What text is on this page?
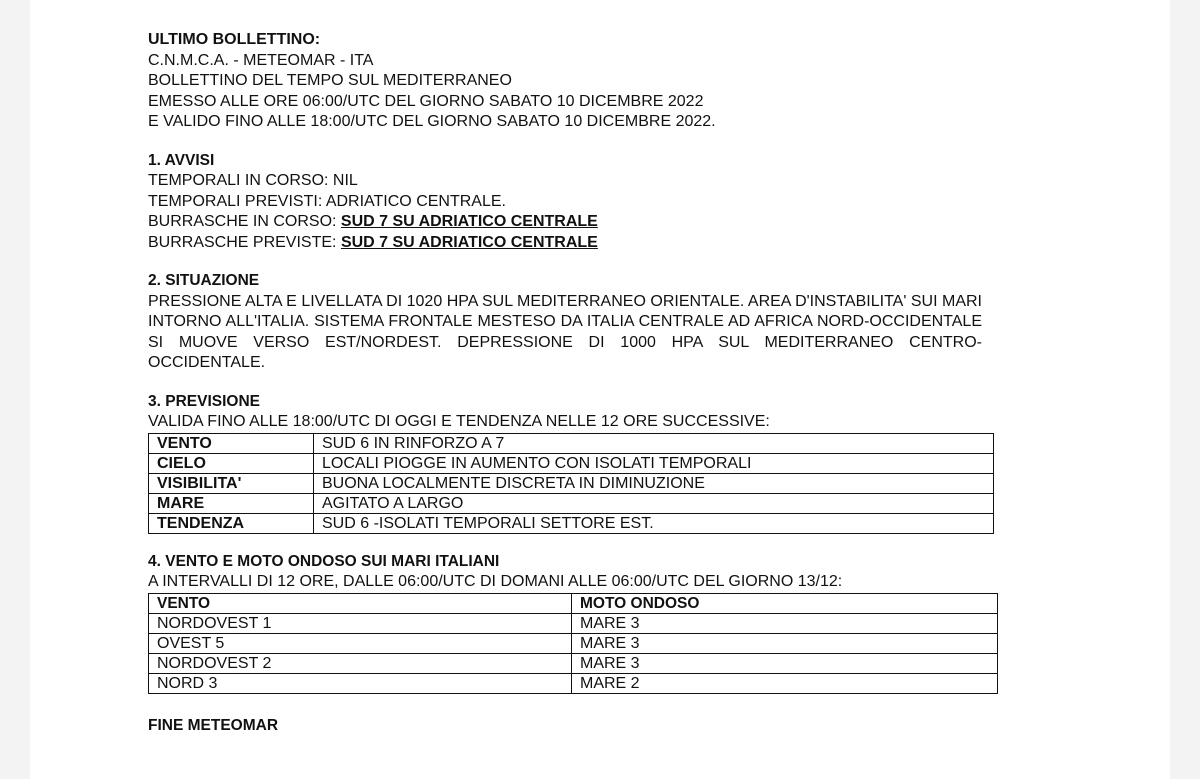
ULTIMO BOLLETTINO:
C.N.M.C.A. - METEOMAR - ITA
BOLLETTINO DEL TEMPO SUL MEDITERRANEO
EMESSO ALLE ORE 06:00/UTC DEL GIORNO SABATO 10 DICEMBRE 2022
E VALIDO FINO ALLE 18:00/UTC DEL GIORNO SABATO 10 DICEMBRE 2022.
1. AVVISI
TEMPORALI IN CORSO: NIL
TEMPORALI PREVISTI: ADRIATICO CENTRALE.
BURRASCHE IN CORSO: SUD 7 SU ADRIATICO CENTRALE
BURRASCHE PREVISTE: SUD 7 SU ADRIATICO CENTRALE
2. SITUAZIONE
PRESSIONE ALTA E LIVELLATA DI 1020 HPA SUL MEDITERRANEO ORIENTALE. AREA D'INSTABILITA' SUI MARI INTORNO ALL'ITALIA. SISTEMA FRONTALE MESTESO DA ITALIA CENTRALE AD AFRICA NORD-OCCIDENTALE SI MUOVE VERSO EST/NORDEST. DEPRESSIONE DI 1000 HPA SUL MEDITERRANEO CENTRO-OCCIDENTALE.
3. PREVISIONE
VALIDA FINO ALLE 18:00/UTC DI OGGI E TENDENZA NELLE 12 ORE SUCCESSIVE:
VENTO	SUD 6 IN RINFORZO A 7
CIELO	LOCALI PIOGGE IN AUMENTO CON ISOLATI TEMPORALI
VISIBILITA'	BUONA LOCALMENTE DISCRETA IN DIMINUZIONE
MARE	AGITATO A LARGO
TENDENZA	SUD 6 -ISOLATI TEMPORALI SETTORE EST.
4. VENTO E MOTO ONDOSO SUI MARI ITALIANI
A INTERVALLI DI 12 ORE, DALLE 06:00/UTC DI DOMANI ALLE 06:00/UTC DEL GIORNO 13/12:
VENTO	MOTO ONDOSO
NORDOVEST 1	MARE 3
OVEST 5	MARE 3
NORDOVEST 2	MARE 3
NORD 3	MARE 2
FINE METEOMAR
